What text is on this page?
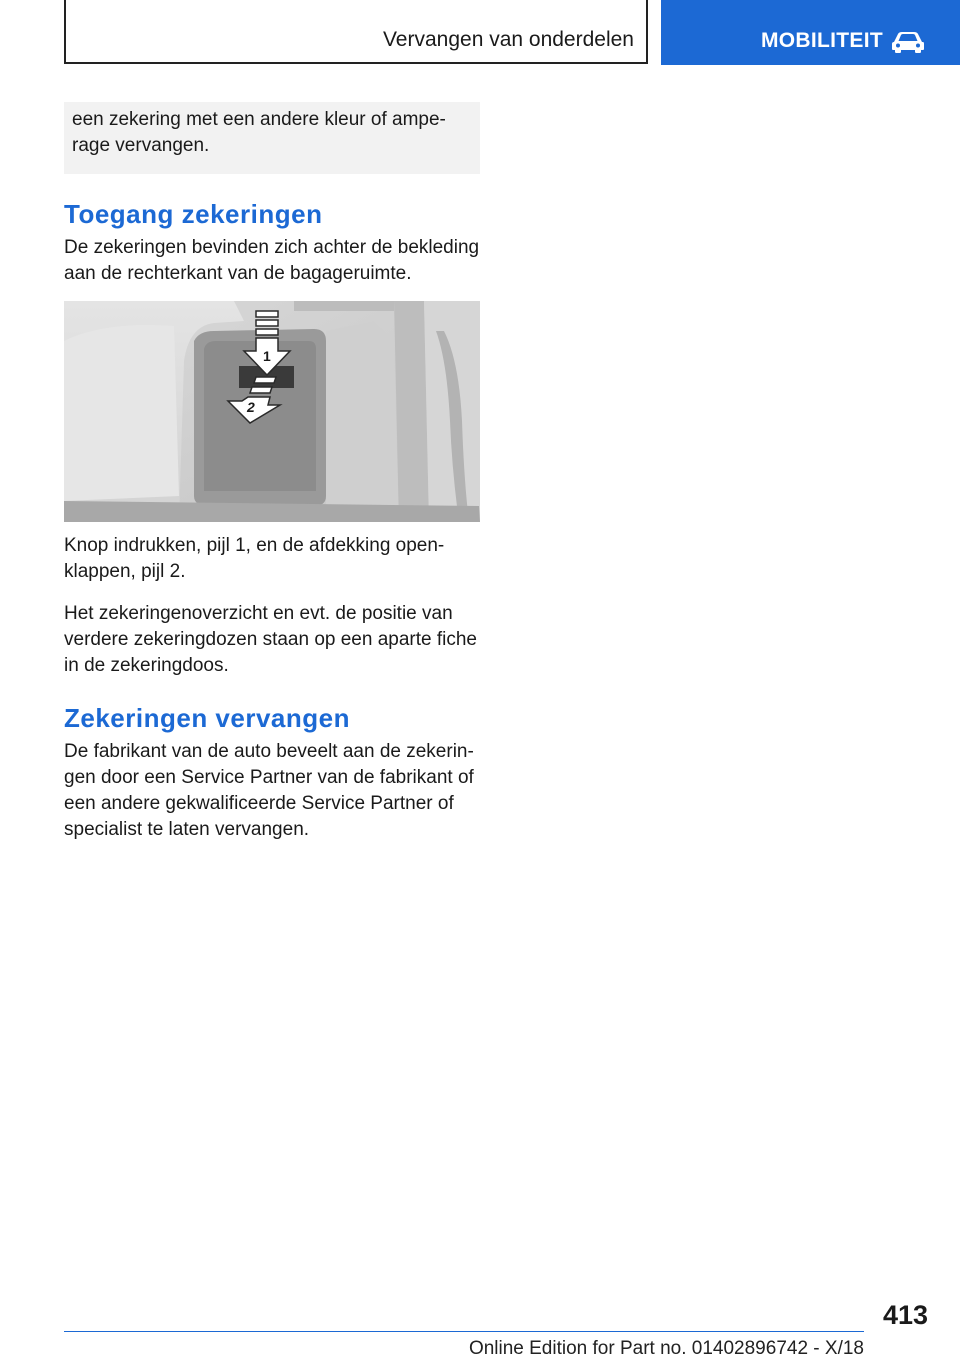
Vervangen van onderdelen	MOBILITEIT
een zekering met een andere kleur of ampe-
rage vervangen.
Toegang zekeringen
De zekeringen bevinden zich achter de bekleding
aan de rechterkant van de bagageruimte.
1
2
Knop indrukken, pijl 1, en de afdekking open-
klappen, pijl 2.
Het zekeringenoverzicht en evt. de positie van
verdere zekeringdozen staan op een aparte fiche
in de zekeringdoos.
Zekeringen vervangen
De fabrikant van de auto beveelt aan de zekerin-
gen door een Service Partner van de fabrikant of
een andere gekwalificeerde Service Partner of
specialist te laten vervangen.
413
Online Edition for Part no. 01402896742 - X/18
